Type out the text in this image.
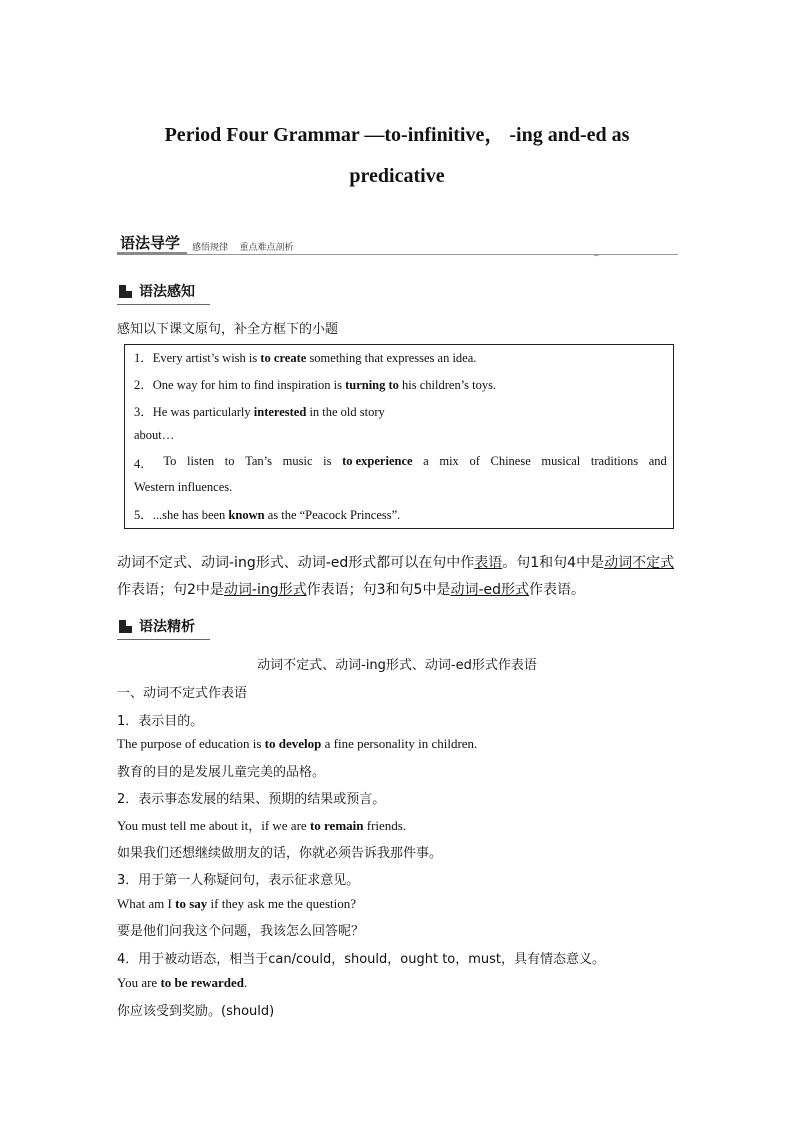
Period Four Grammar —to-infinitive， -ing and-ed as
predicative
语法导学 感悟规律    重点难点剖析
∽
语法感知
感知以下课文原句，补全方框下的小题
1．Every artist’s wish is to create something that expresses an idea.
2．One way for him to find inspiration is turning to his children’s toys.
3．He was particularly interested in the old story
about…
4． To listen to Tan’s music is to experience a mix of Chinese musical traditions and
Western influences.
5．...she has been known as the “Peacock Princess”.
动词不定式、动词-ing形式、动词-ed形式都可以在句中作表语。句1和句4中是动词不定式作表语；句2中是动词-ing形式作表语；句3和句5中是动词-ed形式作表语。
语法精析
动词不定式、动词-ing形式、动词-ed形式作表语
一、动词不定式作表语
1．表示目的。
The purpose of education is to develop a fine personality in children.
教育的目的是发展儿童完美的品格。
2．表示事态发展的结果、预期的结果或预言。
You must tell me about it，if we are to remain friends.
如果我们还想继续做朋友的话，你就必须告诉我那件事。
3．用于第一人称疑问句，表示征求意见。
What am I to say if they ask me the question?
要是他们问我这个问题，我该怎么回答呢？
4．用于被动语态，相当于can/could，should，ought to，must，具有情态意义。
You are to be rewarded.
你应该受到奖励。(should)
